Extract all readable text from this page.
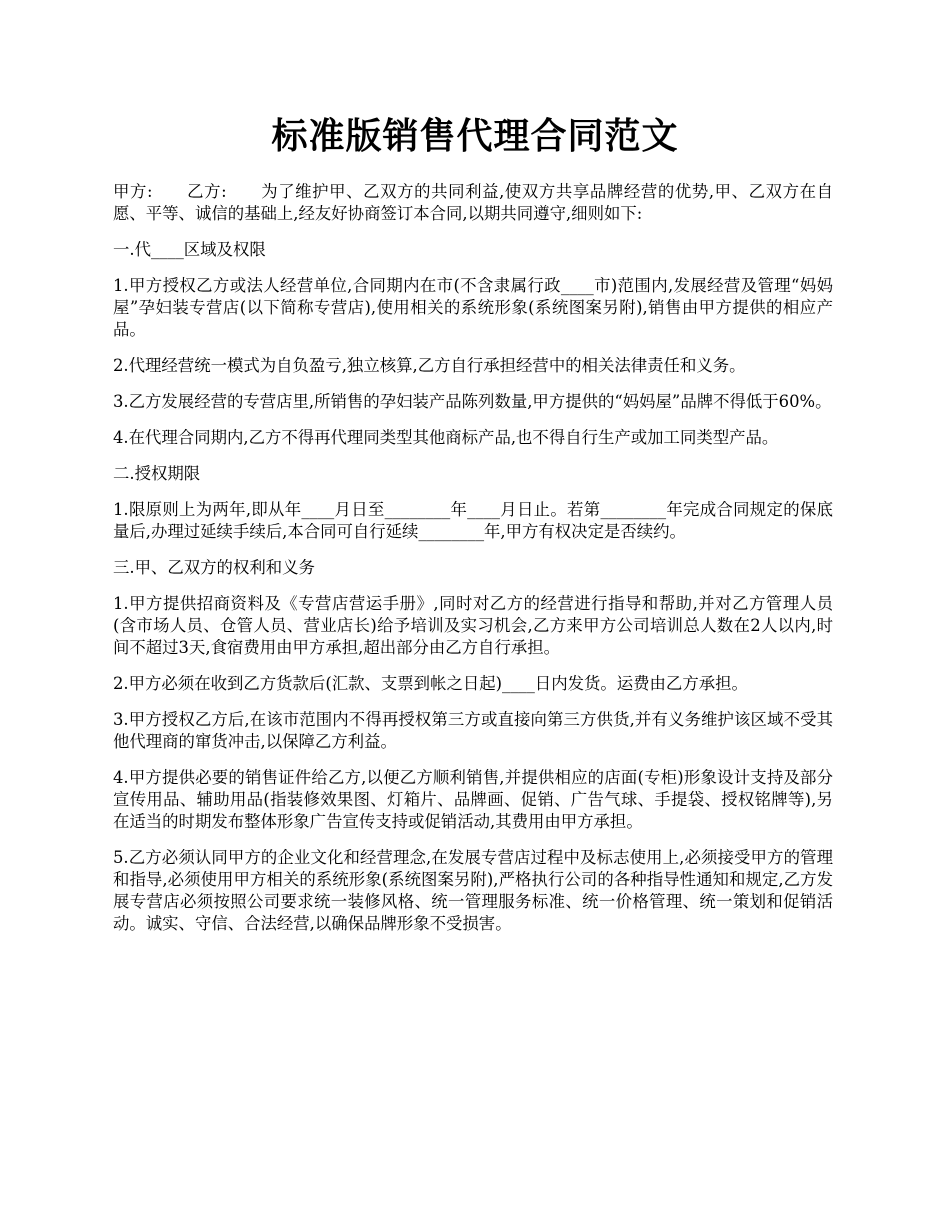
标准版销售代理合同范文

甲方:　　乙方:　　为了维护甲、乙双方的共同利益,使双方共享品牌经营的优势,甲、乙双方在自愿、平等、诚信的基础上,经友好协商签订本合同,以期共同遵守,细则如下:

一.代____区域及权限

1.甲方授权乙方或法人经营单位,合同期内在市(不含隶属行政____市)范围内,发展经营及管理“妈妈屋”孕妇装专营店(以下简称专营店),使用相关的系统形象(系统图案另附),销售由甲方提供的相应产品。

2.代理经营统一模式为自负盈亏,独立核算,乙方自行承担经营中的相关法律责任和义务。

3.乙方发展经营的专营店里,所销售的孕妇装产品陈列数量,甲方提供的“妈妈屋”品牌不得低于60%。

4.在代理合同期内,乙方不得再代理同类型其他商标产品,也不得自行生产或加工同类型产品。

二.授权期限

1.限原则上为两年,即从年____月日至________年____月日止。若第________年完成合同规定的保底量后,办理过延续手续后,本合同可自行延续________年,甲方有权决定是否续约。

三.甲、乙双方的权利和义务

1.甲方提供招商资料及《专营店营运手册》,同时对乙方的经营进行指导和帮助,并对乙方管理人员(含市场人员、仓管人员、营业店长)给予培训及实习机会,乙方来甲方公司培训总人数在2人以内,时间不超过3天,食宿费用由甲方承担,超出部分由乙方自行承担。

2.甲方必须在收到乙方货款后(汇款、支票到帐之日起)____日内发货。运费由乙方承担。

3.甲方授权乙方后,在该市范围内不得再授权第三方或直接向第三方供货,并有义务维护该区域不受其他代理商的窜货冲击,以保障乙方利益。

4.甲方提供必要的销售证件给乙方,以便乙方顺利销售,并提供相应的店面(专柜)形象设计支持及部分宣传用品、辅助用品(指装修效果图、灯箱片、品牌画、促销、广告气球、手提袋、授权铭牌等),另在适当的时期发布整体形象广告宣传支持或促销活动,其费用由甲方承担。

5.乙方必须认同甲方的企业文化和经营理念,在发展专营店过程中及标志使用上,必须接受甲方的管理和指导,必须使用甲方相关的系统形象(系统图案另附),严格执行公司的各种指导性通知和规定,乙方发展专营店必须按照公司要求统一装修风格、统一管理服务标准、统一价格管理、统一策划和促销活动。诚实、守信、合法经营,以确保品牌形象不受损害。
